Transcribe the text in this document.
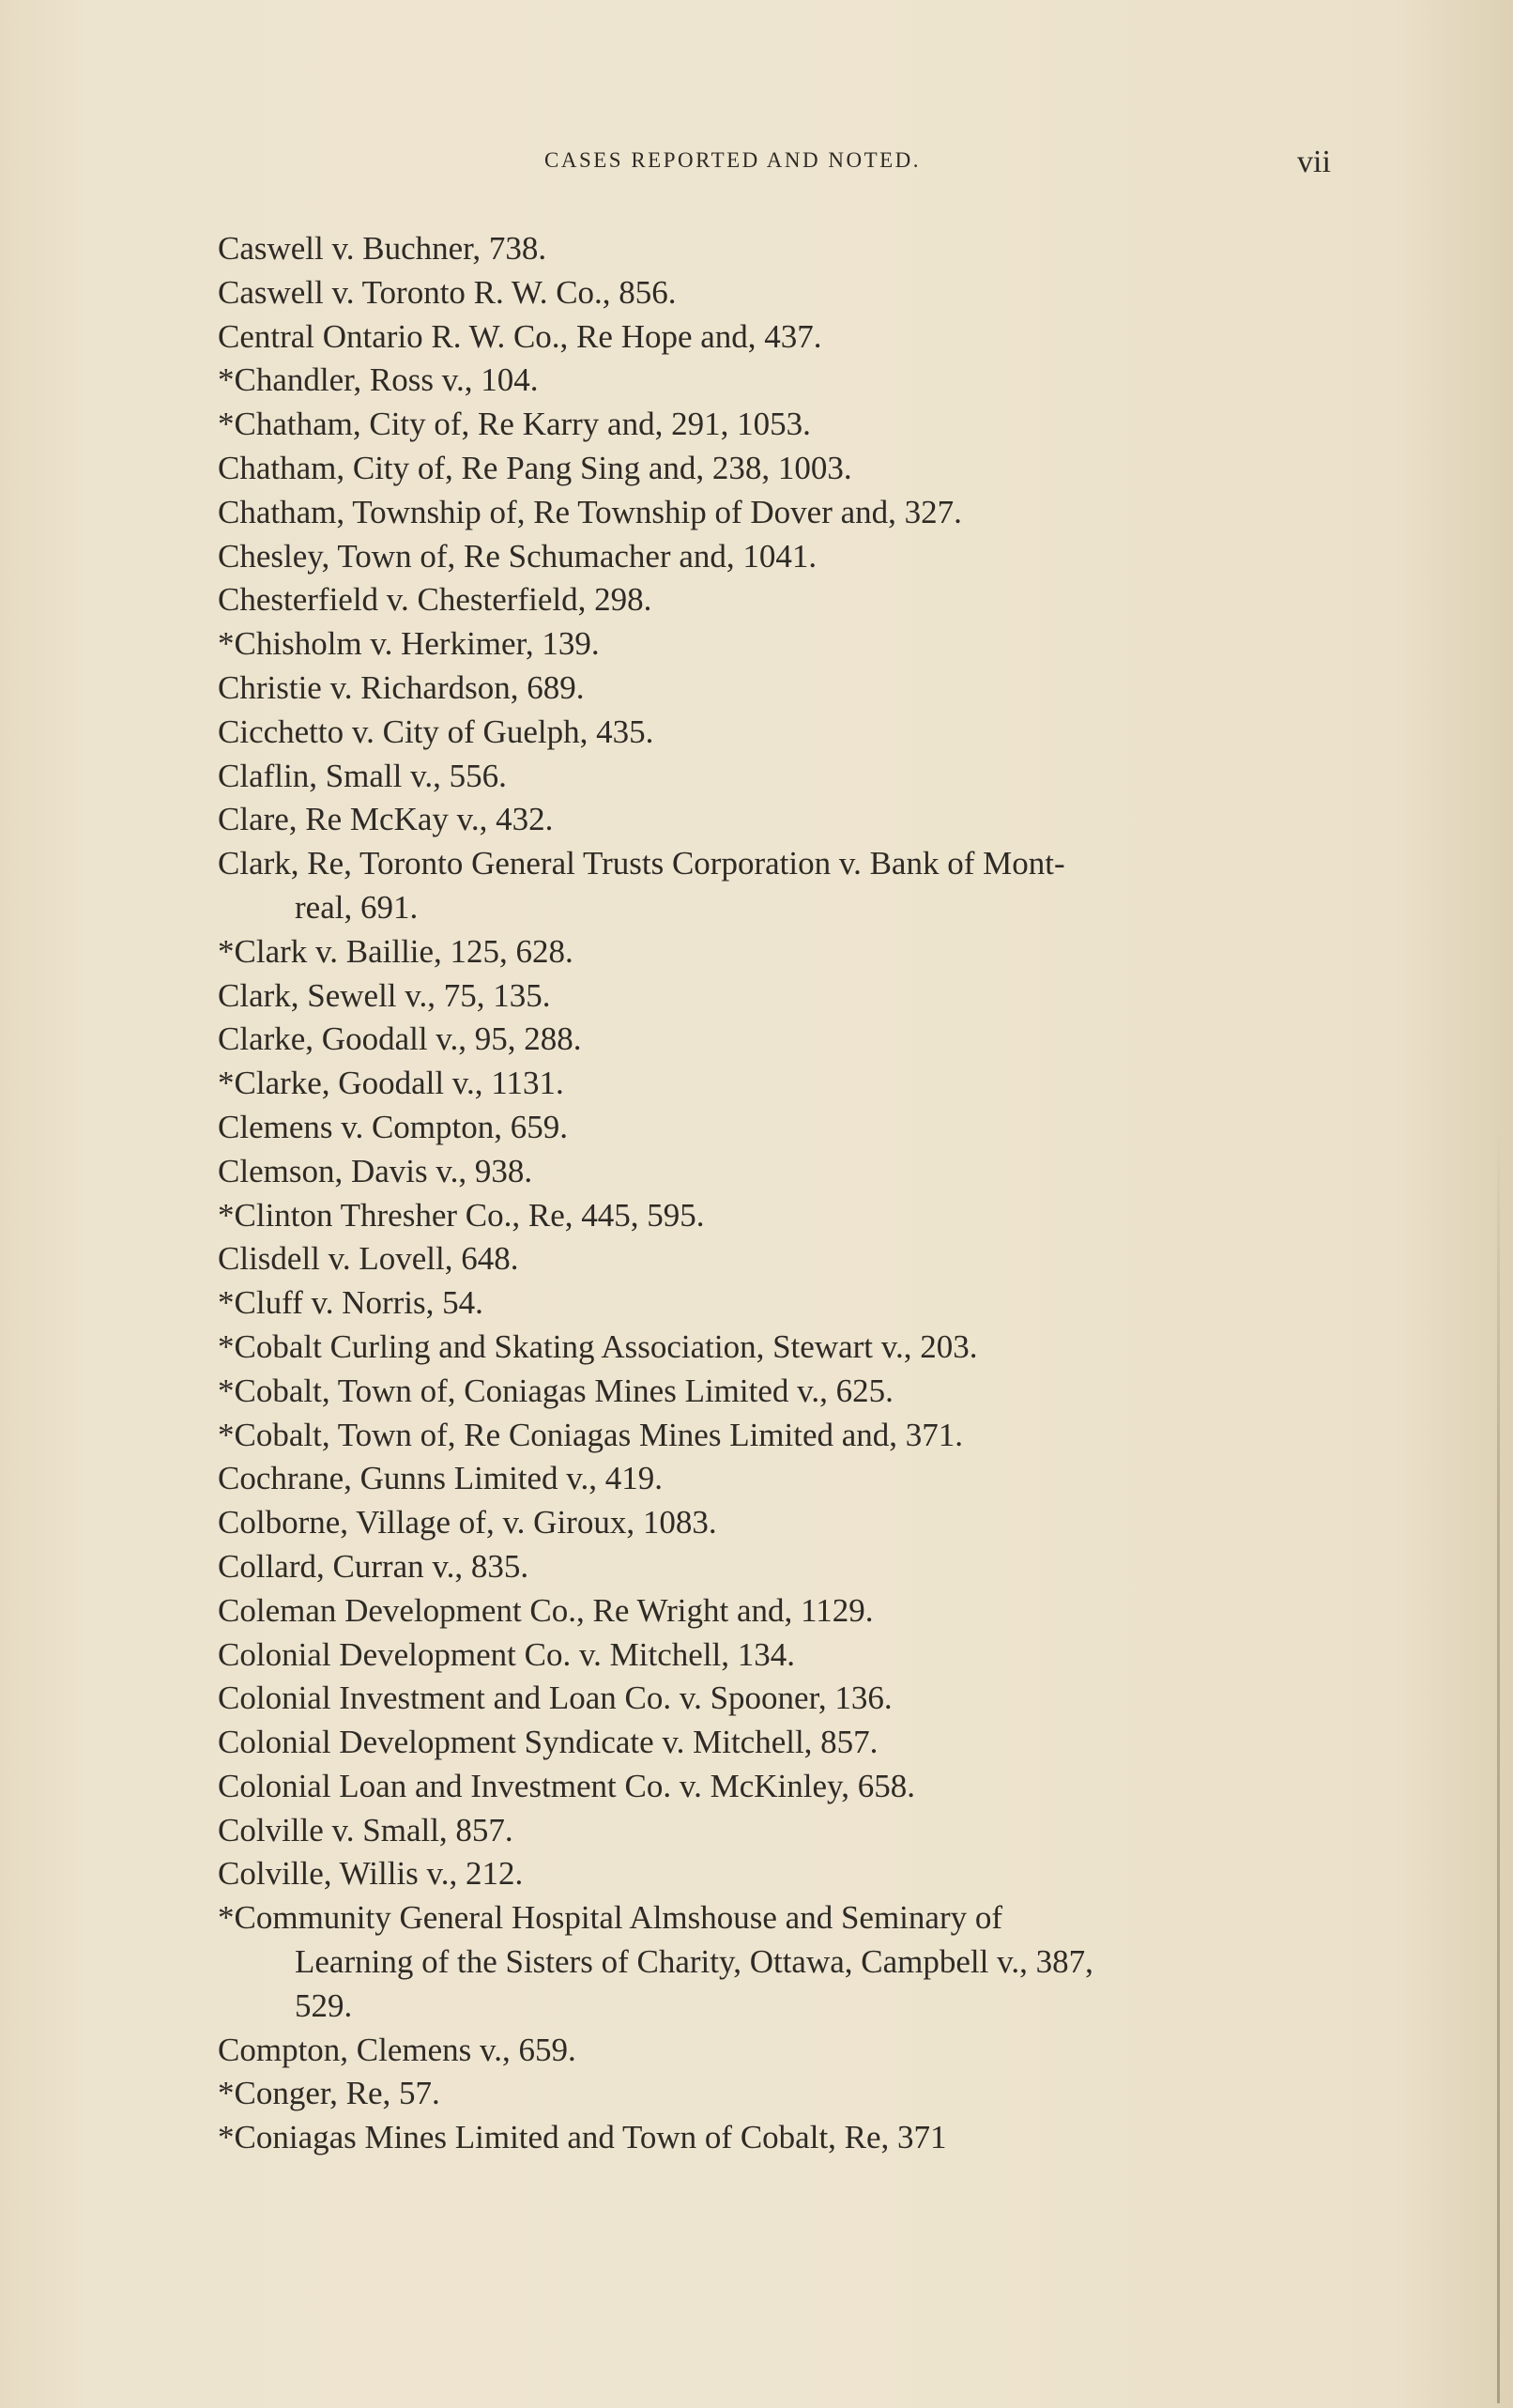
CASES REPORTED AND NOTED.	vii
Caswell v. Buchner, 738.
Caswell v. Toronto R. W. Co., 856.
Central Ontario R. W. Co., Re Hope and, 437.
*Chandler, Ross v., 104.
*Chatham, City of, Re Karry and, 291, 1053.
Chatham, City of, Re Pang Sing and, 238, 1003.
Chatham, Township of, Re Township of Dover and, 327.
Chesley, Town of, Re Schumacher and, 1041.
Chesterfield v. Chesterfield, 298.
*Chisholm v. Herkimer, 139.
Christie v. Richardson, 689.
Cicchetto v. City of Guelph, 435.
Claflin, Small v., 556.
Clare, Re McKay v., 432.
Clark, Re, Toronto General Trusts Corporation v. Bank of Mont-
real, 691.
*Clark v. Baillie, 125, 628.
Clark, Sewell v., 75, 135.
Clarke, Goodall v., 95, 288.
*Clarke, Goodall v., 1131.
Clemens v. Compton, 659.
Clemson, Davis v., 938.
*Clinton Thresher Co., Re, 445, 595.
Clisdell v. Lovell, 648.
*Cluff v. Norris, 54.
*Cobalt Curling and Skating Association, Stewart v., 203.
*Cobalt, Town of, Coniagas Mines Limited v., 625.
*Cobalt, Town of, Re Coniagas Mines Limited and, 371.
Cochrane, Gunns Limited v., 419.
Colborne, Village of, v. Giroux, 1083.
Collard, Curran v., 835.
Coleman Development Co., Re Wright and, 1129.
Colonial Development Co. v. Mitchell, 134.
Colonial Investment and Loan Co. v. Spooner, 136.
Colonial Development Syndicate v. Mitchell, 857.
Colonial Loan and Investment Co. v. McKinley, 658.
Colville v. Small, 857.
Colville, Willis v., 212.
*Community General Hospital Almshouse and Seminary of
Learning of the Sisters of Charity, Ottawa, Campbell v., 387,
529.
Compton, Clemens v., 659.
*Conger, Re, 57.
*Coniagas Mines Limited and Town of Cobalt, Re, 371
